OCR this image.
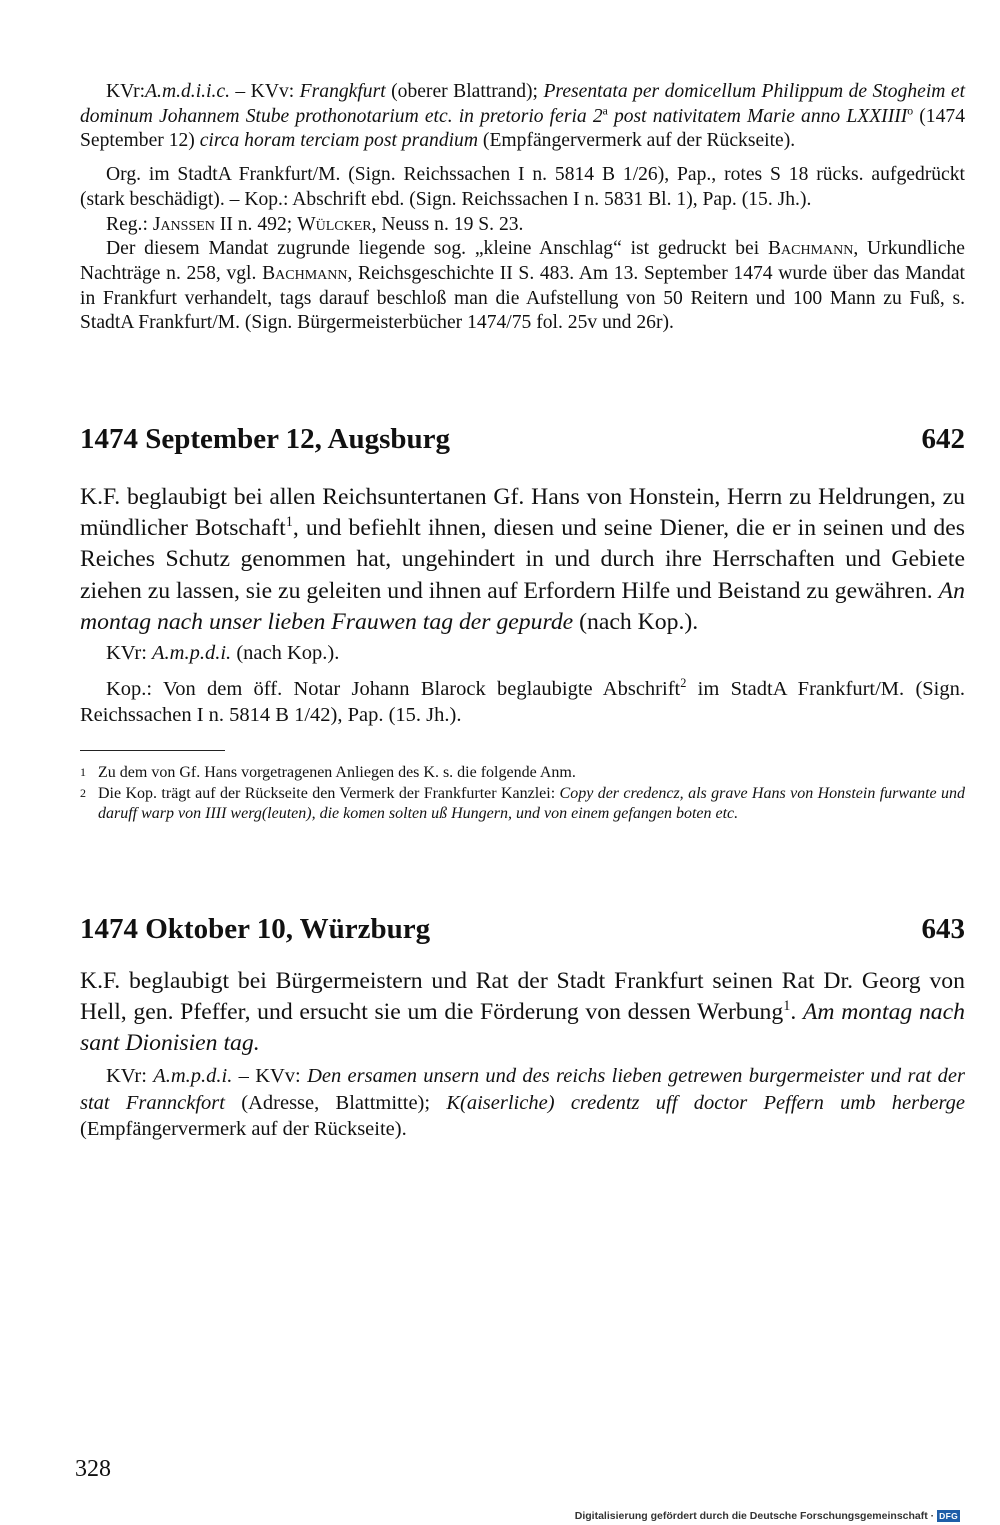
KVr:A.m.d.i.i.c. – KVv: Frangkfurt (oberer Blattrand); Presentata per domicellum Philippum de Stogheim et dominum Johannem Stube prothonotarium etc. in pretorio feria 2$^a$ post nativitatem Marie anno LXXIIII$^o$ (1474 September 12) circa horam terciam post prandium (Empfängervermerk auf der Rückseite).

Org. im StadtA Frankfurt/M. (Sign. Reichssachen I n. 5814 B 1/26), Pap., rotes S 18 rücks. aufgedrückt (stark beschädigt). – Kop.: Abschrift ebd. (Sign. Reichssachen I n. 5831 Bl. 1), Pap. (15. Jh.).

Reg.: Janssen II n. 492; Wülcker, Neuss n. 19 S. 23.

Der diesem Mandat zugrunde liegende sog. „kleine Anschlag“ ist gedruckt bei Bachmann, Urkundliche Nachträge n. 258, vgl. Bachmann, Reichsgeschichte II S. 483. Am 13. September 1474 wurde über das Mandat in Frankfurt verhandelt, tags darauf beschloß man die Aufstellung von 50 Reitern und 100 Mann zu Fuß, s. StadtA Frankfurt/M. (Sign. Bürgermeisterbücher 1474/75 fol. 25v und 26r).

1474 September 12, Augsburg	642

K.F. beglaubigt bei allen Reichsuntertanen Gf. Hans von Honstein, Herrn zu Heldrungen, zu mündlicher Botschaft$^1$, und befiehlt ihnen, diesen und seine Diener, die er in seinen und des Reiches Schutz genommen hat, ungehindert in und durch ihre Herrschaften und Gebiete ziehen zu lassen, sie zu geleiten und ihnen auf Erfordern Hilfe und Beistand zu gewähren. An montag nach unser lieben Frauwen tag der gepurde (nach Kop.).

KVr: A.m.p.d.i. (nach Kop.).

Kop.: Von dem öff. Notar Johann Blarock beglaubigte Abschrift$^2$ im StadtA Frankfurt/M. (Sign. Reichssachen I n. 5814 B 1/42), Pap. (15. Jh.).

1 Zu dem von Gf. Hans vorgetragenen Anliegen des K. s. die folgende Anm.
2 Die Kop. trägt auf der Rückseite den Vermerk der Frankfurter Kanzlei: Copy der credencz, als grave Hans von Honstein furwante und daruff warp von IIII werg(leuten), die komen solten uß Hungern, und von einem gefangen boten etc.
1474 Oktober 10, Würzburg	643

K.F. beglaubigt bei Bürgermeistern und Rat der Stadt Frankfurt seinen Rat Dr. Georg von Hell, gen. Pfeffer, und ersucht sie um die Förderung von dessen Werbung$^1$. Am montag nach sant Dionisien tag.

KVr: A.m.p.d.i. – KVv: Den ersamen unsern und des reichs lieben getrewen burgermeister und rat der stat Frannckfort (Adresse, Blattmitte); K(aiserliche) credentz uff doctor Peffern umb herberge (Empfängervermerk auf der Rückseite).

328
Digitalisierung gefördert durch die Deutsche Forschungsgemeinschaft · DFG
